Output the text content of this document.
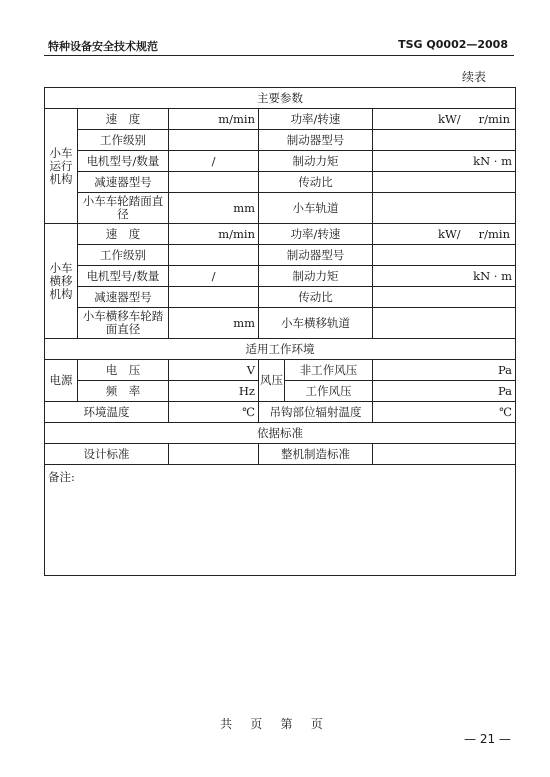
特种设备安全技术规范	TSG Q0002—2008
续表
主要参数					
小车运行机构	速　度	m/min	功率/转速		kW/ r/min

	工作级别		制动器型号		
	电机型号/数量	/	制动力矩		kN · m
	减速器型号		传动比		
	小车车轮踏面直径	mm	小车轨道		
小车横移机构	速　度	m/min	功率/转速		kW/ r/min

	工作级别		制动器型号		
	电机型号/数量	/	制动力矩		kN · m
	减速器型号		传动比		
	小车横移车轮踏面直径	mm	小车横移轨道		
适用工作环境					
电源	电　压	V	风压	非工作风压	Pa
	频　率	Hz		工作风压	Pa
环境温度		℃	吊钩部位辐射温度		℃
依据标准					
设计标准			整机制造标准		
备注:					
共 页 第 页
— 21 —
